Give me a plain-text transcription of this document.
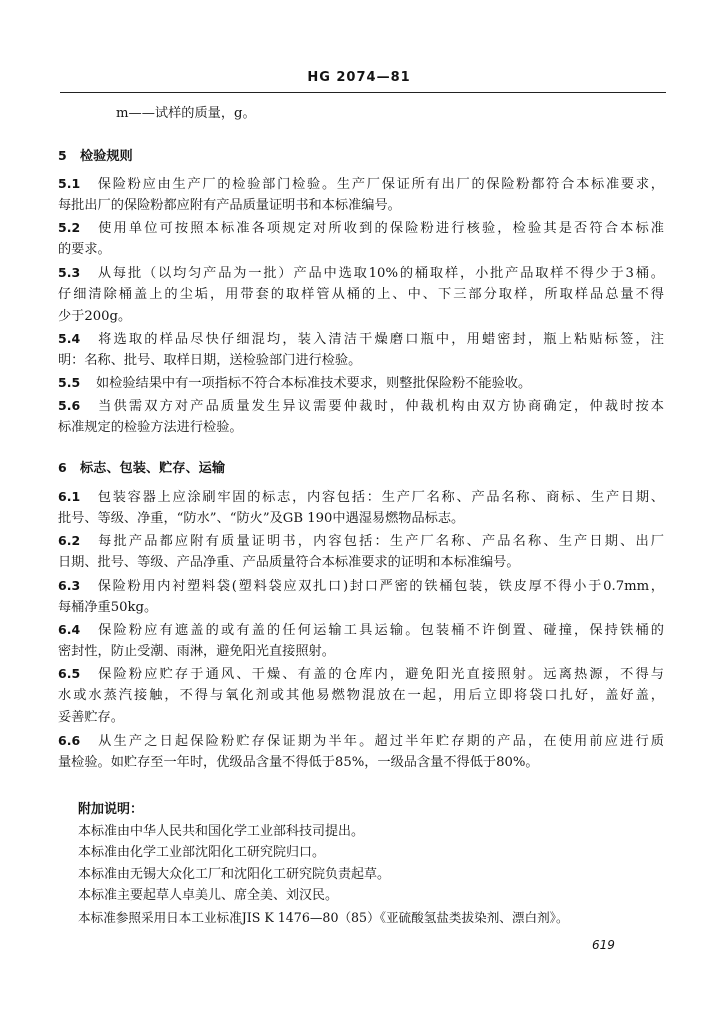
HG 2074—81
m——试样的质量，g。
5 检验规则
5.1 保险粉应由生产厂的检验部门检验。生产厂保证所有出厂的保险粉都符合本标准要求，
每批出厂的保险粉都应附有产品质量证明书和本标准编号。
5.2 使用单位可按照本标准各项规定对所收到的保险粉进行核验，检验其是否符合本标准
的要求。
5.3 从每批（以均匀产品为一批）产品中选取10%的桶取样，小批产品取样不得少于3桶。
仔细清除桶盖上的尘垢，用带套的取样管从桶的上、中、下三部分取样，所取样品总量不得
少于200g。
5.4 将选取的样品尽快仔细混均，装入清洁干燥磨口瓶中，用蜡密封，瓶上粘贴标签，注
明：名称、批号、取样日期，送检验部门进行检验。
5.5 如检验结果中有一项指标不符合本标准技术要求，则整批保险粉不能验收。
5.6 当供需双方对产品质量发生异议需要仲裁时，仲裁机构由双方协商确定，仲裁时按本
标准规定的检验方法进行检验。
6 标志、包装、贮存、运输
6.1 包装容器上应涂刷牢固的标志，内容包括：生产厂名称、产品名称、商标、生产日期、
批号、等级、净重，“防水”、“防火”及GB 190中遇湿易燃物品标志。
6.2 每批产品都应附有质量证明书，内容包括：生产厂名称、产品名称、生产日期、出厂
日期、批号、等级、产品净重、产品质量符合本标准要求的证明和本标准编号。
6.3 保险粉用内衬塑料袋(塑料袋应双扎口)封口严密的铁桶包装，铁皮厚不得小于0.7mm，
每桶净重50kg。
6.4 保险粉应有遮盖的或有盖的任何运输工具运输。包装桶不许倒置、碰撞，保持铁桶的
密封性，防止受潮、雨淋，避免阳光直接照射。
6.5 保险粉应贮存于通风、干燥、有盖的仓库内，避免阳光直接照射。远离热源，不得与
水或水蒸汽接触，不得与氧化剂或其他易燃物混放在一起，用后立即将袋口扎好，盖好盖，
妥善贮存。
6.6 从生产之日起保险粉贮存保证期为半年。超过半年贮存期的产品，在使用前应进行质
量检验。如贮存至一年时，优级品含量不得低于85%，一级品含量不得低于80%。
附加说明：
本标准由中华人民共和国化学工业部科技司提出。
本标准由化学工业部沈阳化工研究院归口。
本标准由无锡大众化工厂和沈阳化工研究院负责起草。
本标准主要起草人卓美儿、席全美、刘汉民。
本标准参照采用日本工业标准JIS K 1476—80（85）《亚硫酸氢盐类拔染剂、漂白剂》。
619
